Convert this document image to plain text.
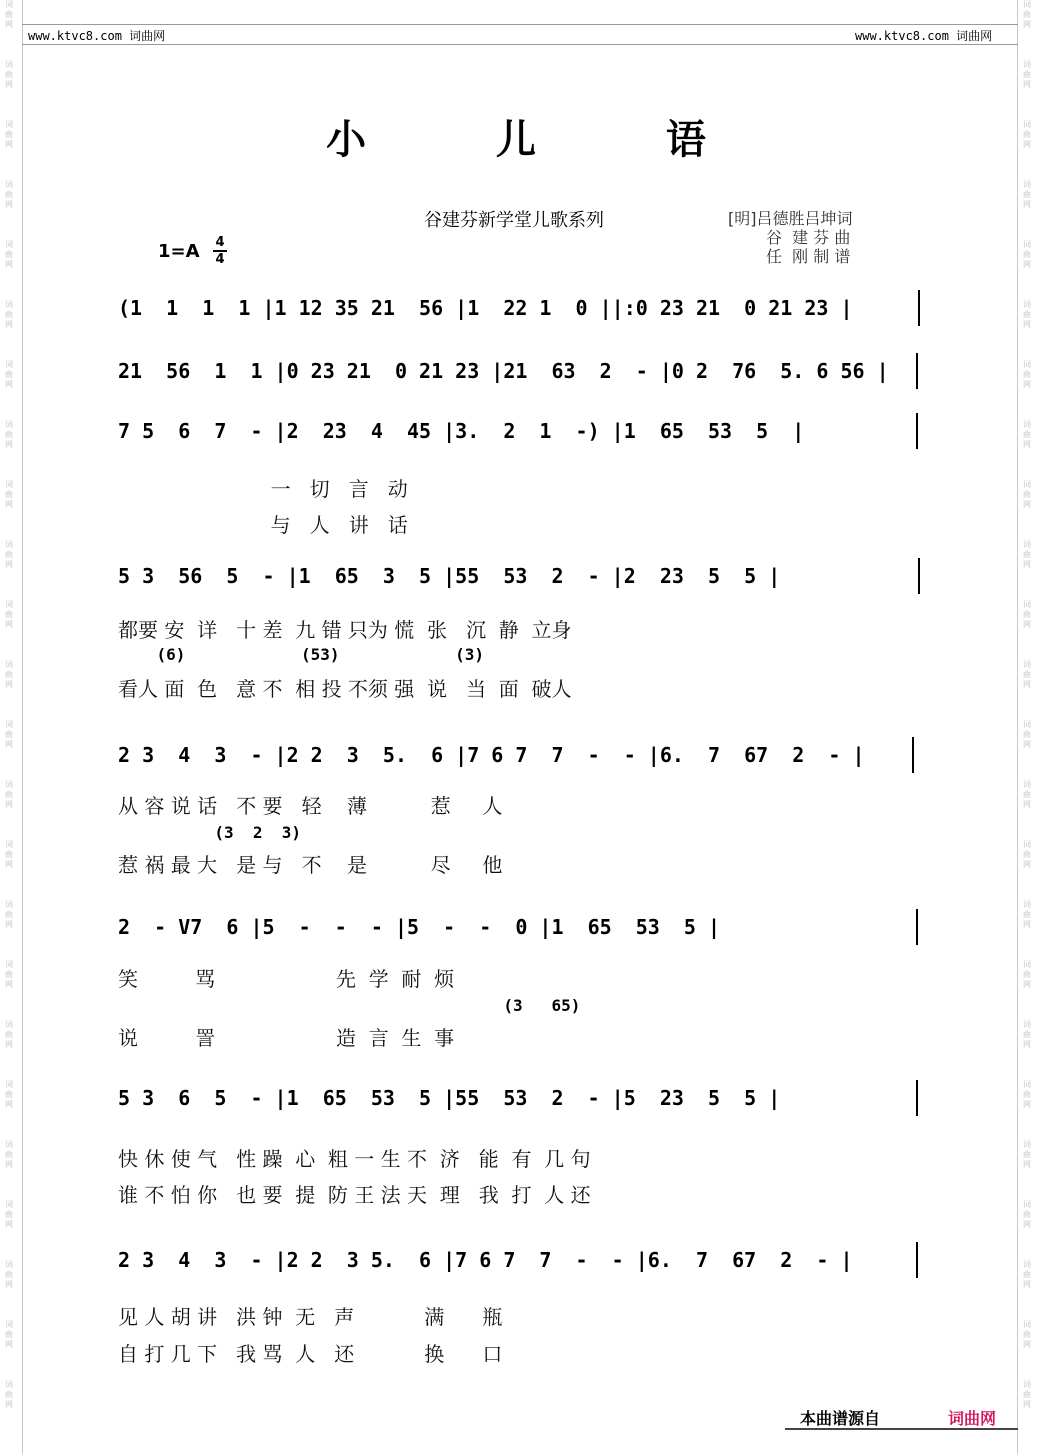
词
曲
网
词
曲
网
词
曲
网
词
曲
网
词
曲
网
词
曲
网
词
曲
网
词
曲
网
词
曲
网
词
曲
网
词
曲
网
词
曲
网
词
曲
网
词
曲
网
词
曲
网
词
曲
网
词
曲
网
词
曲
网
词
曲
网
词
曲
网
词
曲
网
词
曲
网
词
曲
网
词
曲
网
词
曲
网
词
曲
网
词
曲
网
词
曲
网
词
曲
网
词
曲
网
词
曲
网
词
曲
网
词
曲
网
词
曲
网
词
曲
网
词
曲
网
词
曲
网
词
曲
网
词
曲
网
词
曲
网
词
曲
网
词
曲
网
词
曲
网
词
曲
网
词
曲
网
词
曲
网
词
曲
网
词
曲
网
www.ktvc8.com 词曲网	www.ktvc8.com 词曲网
小 儿 语
谷建芬新学堂儿歌系列	[明]吕德胜吕坤词
谷  建 芬 曲
任  刚 制 谱
1=A 4
4
(1  1  1  1 |1 12 35 21  56 |1  22 1  0 ||:0 23 21  0 21 23 |
21  56  1  1 |0 23 21  0 21 23 |21  63  2  - |0 2  76  5. 6 56 |
7 5  6  7  - |2  23  4  45 |3.  2  1  -) |1  65  53  5  |
一   切   言   动
与   人   讲   话
5 3  56  5  - |1  65  3  5 |55  53  2  - |2  23  5  5 |
都要 安  详   十 差  九 错 只为 慌  张   沉  静  立身
(6)            (53)            (3)
看人 面  色   意 不  相 投 不须 强  说   当  面  破人
2 3  4  3  - |2 2  3  5.  6 |7 6 7  7  -  - |6.  7  67  2  - |
从 容 说 话   不 要   轻    薄          惹     人
(3  2  3)
惹 祸 最 大   是 与   不    是          尽     他
2  - V7  6 |5  -  -  - |5  -  -  0 |1  65  53  5 |
笑         骂                   先  学  耐  烦
(3   65)
说         詈                   造  言  生  事
5 3  6  5  - |1  65  53  5 |55  53  2  - |5  23  5  5 |
快 休 使 气   性 躁  心  粗 一 生 不  济   能  有  几 句
谁 不 怕 你   也 要  提  防 王 法 天  理   我  打  人 还
2 3  4  3  - |2 2  3 5.  6 |7 6 7  7  -  - |6.  7  67  2  - |
见 人 胡 讲   洪 钟  无   声           满      瓶
自 打 几 下   我 骂  人   还           换      口
本曲谱源自	词曲网
